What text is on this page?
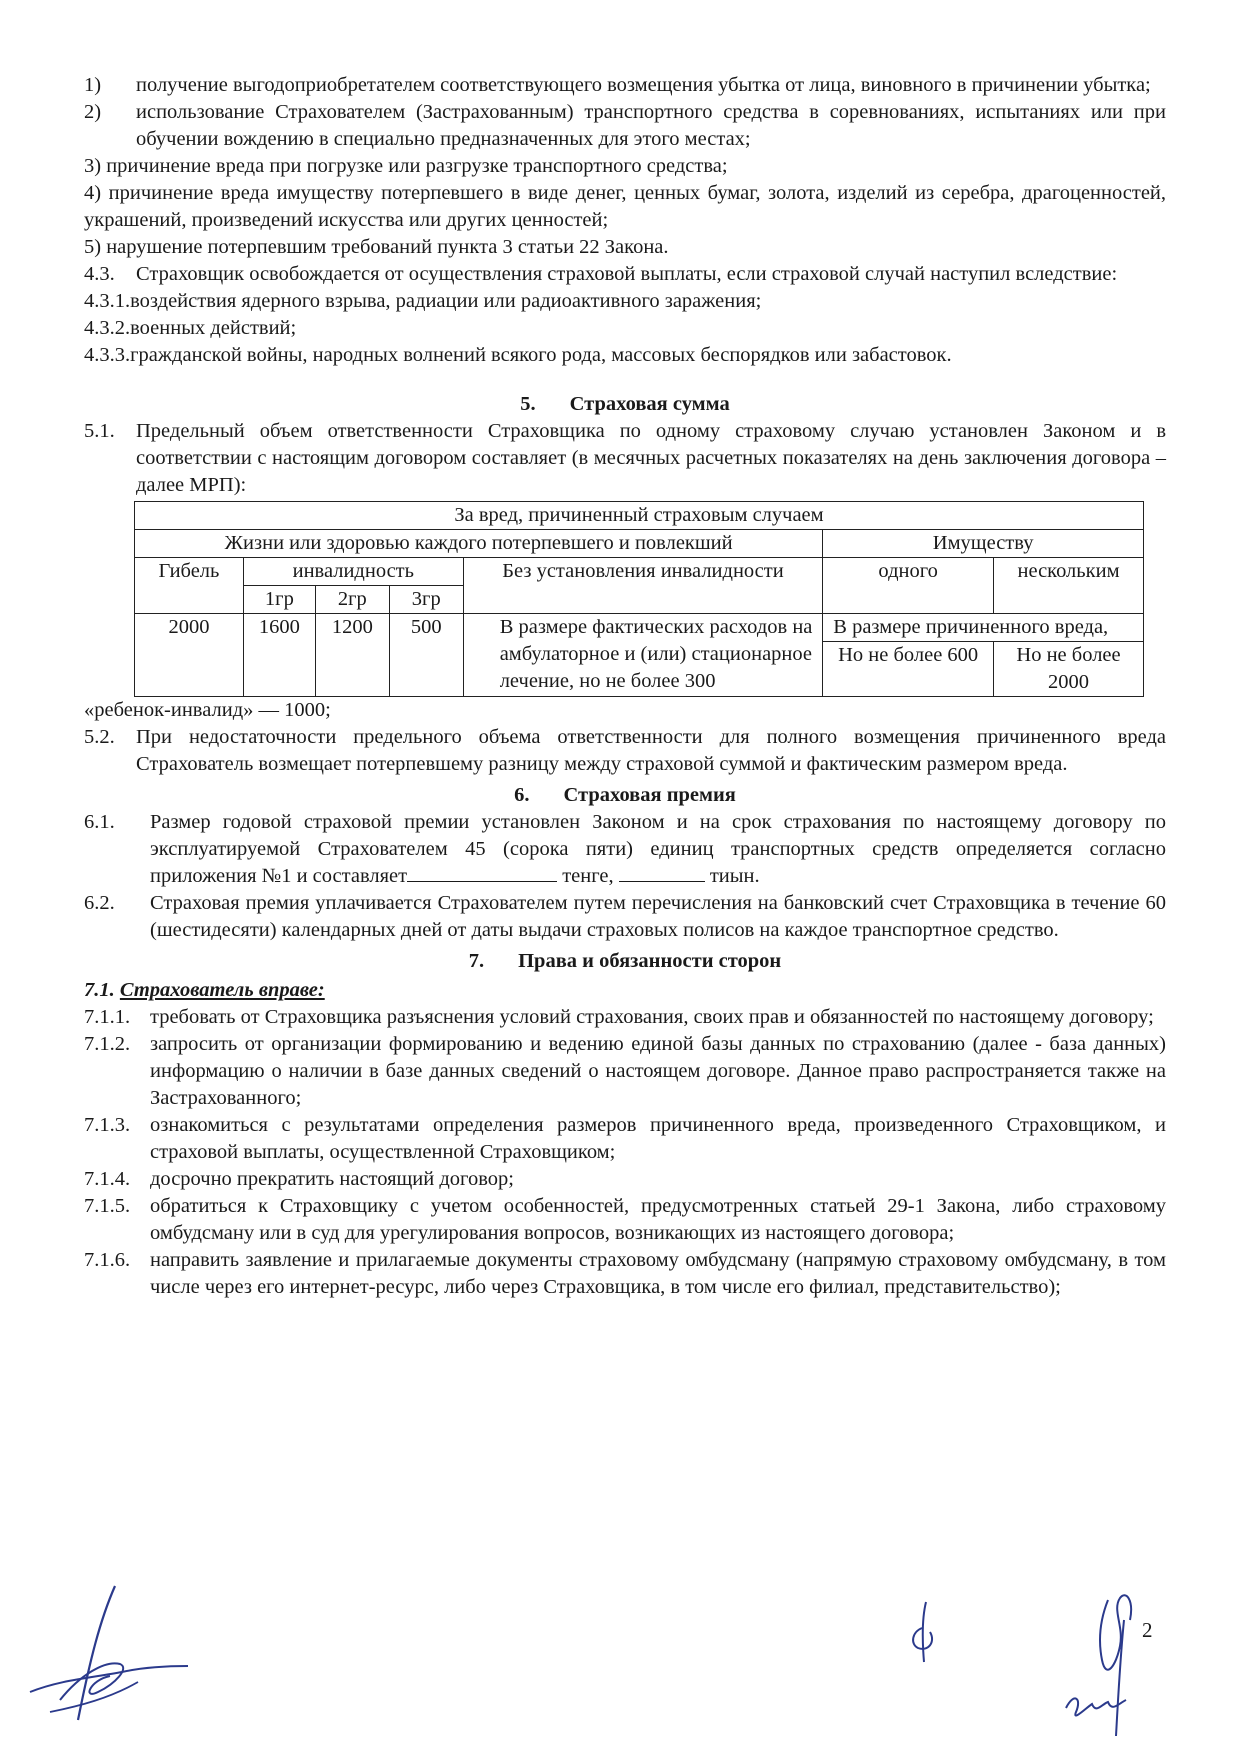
1) получение выгодоприобретателем соответствующего возмещения убытка от лица, виновного в причинении убытка;
2) использование Страхователем (Застрахованным) транспортного средства в соревнованиях, испытаниях или при обучении вождению в специально предназначенных для этого местах;
3) причинение вреда при погрузке или разгрузке транспортного средства;
4) причинение вреда имуществу потерпевшего в виде денег, ценных бумаг, золота, изделий из серебра, драгоценностей, украшений, произведений искусства или других ценностей;
5) нарушение потерпевшим требований пункта 3 статьи 22 Закона.
4.3. Страховщик освобождается от осуществления страховой выплаты, если страховой случай наступил вследствие:
4.3.1.воздействия ядерного взрыва, радиации или радиоактивного заражения;
4.3.2.военных действий;
4.3.3.гражданской войны, народных волнений всякого рода, массовых беспорядков или забастовок.
5. Страховая сумма
5.1. Предельный объем ответственности Страховщика по одному страховому случаю установлен Законом и в соответствии с настоящим договором составляет (в месячных расчетных показателях на день заключения договора – далее МРП):
За вред, причиненный страховым случаем						
Жизни или здоровью каждого потерпевшего и повлекший					Имуществу	
Гибель	инвалидность			Без установления инвалидности	одного	нескольким
	1гр	2гр	3гр			
2000	1600	1200	500	В размере фактических расходов на амбулаторное и (или) стационарное лечение, но не более 300	В размере причиненного вреда,	
					Но не более 600	Но не более 2000
«ребенок-инвалид» — 1000;
5.2. При недостаточности предельного объема ответственности для полного возмещения причиненного вреда Страхователь возмещает потерпевшему разницу между страховой суммой и фактическим размером вреда.
6. Страховая премия
6.1. Размер годовой страховой премии установлен Законом и на срок страхования по настоящему договору по эксплуатируемой Страхователем 45 (сорока пяти) единиц транспортных средств определяется согласно приложения №1 и составляет	тенге,	тиын.
6.2. Страховая премия уплачивается Страхователем путем перечисления на банковский счет Страховщика в течение 60 (шестидесяти) календарных дней от даты выдачи страховых полисов на каждое транспортное средство.
7. Права и обязанности сторон
7.1. Страхователь вправе:
7.1.1. требовать от Страховщика разъяснения условий страхования, своих прав и обязанностей по настоящему договору;
7.1.2. запросить от организации формированию и ведению единой базы данных по страхованию (далее - база данных) информацию о наличии в базе данных сведений о настоящем договоре. Данное право распространяется также на Застрахованного;
7.1.3. ознакомиться с результатами определения размеров причиненного вреда, произведенного Страховщиком, и страховой выплаты, осуществленной Страховщиком;
7.1.4. досрочно прекратить настоящий договор;
7.1.5. обратиться к Страховщику с учетом особенностей, предусмотренных статьей 29-1 Закона, либо страховому омбудсману или в суд для урегулирования вопросов, возникающих из настоящего договора;
7.1.6. направить заявление и прилагаемые документы страховому омбудсману (напрямую страховому омбудсману, в том числе через его интернет-ресурс, либо через Страховщика, в том числе его филиал, представительство);
2
